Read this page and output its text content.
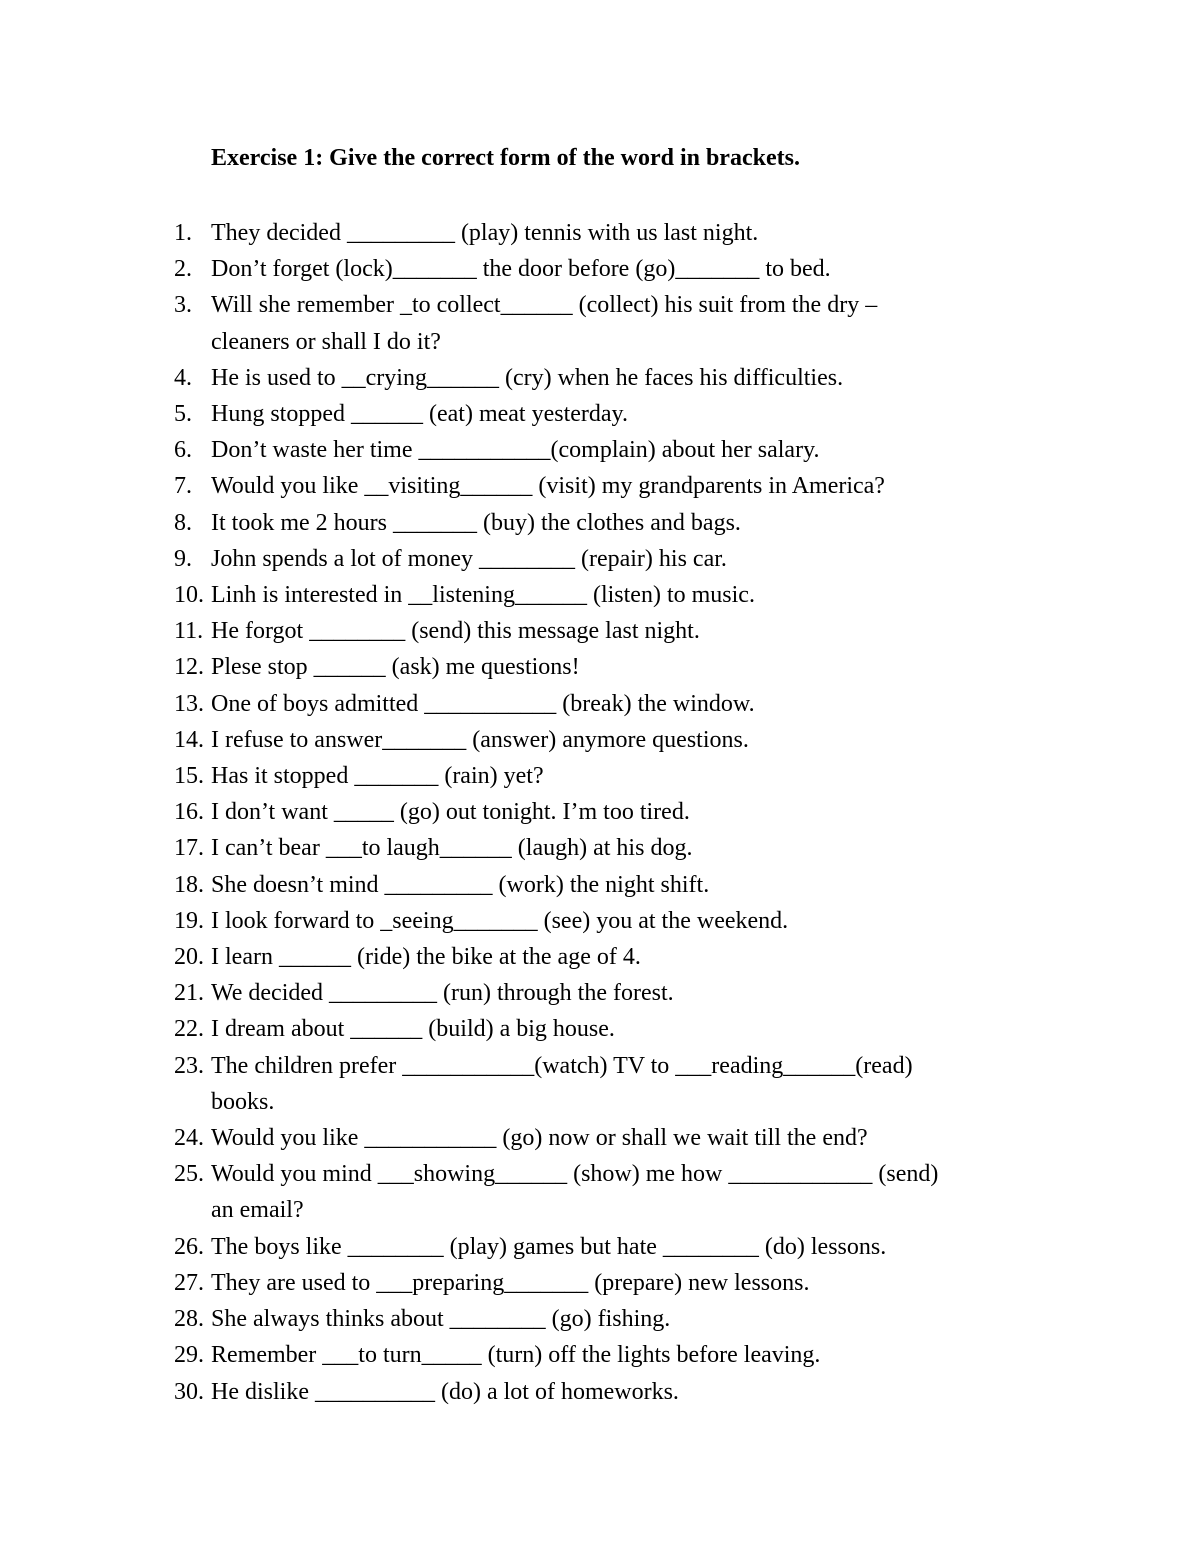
Exercise 1: Give the correct form of the word in brackets.
1. They decided _________ (play) tennis with us last night.
2. Don’t forget (lock)_______ the door before (go)_______ to bed.
3. Will she remember _to collect______ (collect) his suit from the dry –
cleaners or shall I do it?
4. He is used to __crying______ (cry) when he faces his difficulties.
5. Hung stopped ______ (eat) meat yesterday.
6. Don’t waste her time ___________(complain) about her salary.
7. Would you like __visiting______ (visit) my grandparents in America?
8. It took me 2 hours _______ (buy) the clothes and bags.
9. John spends a lot of money ________ (repair) his car.
10. Linh is interested in __listening______ (listen) to music.
11. He forgot ________ (send) this message last night.
12. Plese stop ______ (ask) me questions!
13. One of boys admitted ___________ (break) the window.
14. I refuse to answer_______ (answer) anymore questions.
15. Has it stopped _______ (rain) yet?
16. I don’t want _____ (go) out tonight. I’m too tired.
17. I can’t bear ___to laugh______ (laugh) at his dog.
18. She doesn’t mind _________ (work) the night shift.
19. I look forward to _seeing_______ (see) you at the weekend.
20. I learn ______ (ride) the bike at the age of 4.
21. We decided _________ (run) through the forest.
22. I dream about ______ (build) a big house.
23. The children prefer ___________(watch) TV to ___reading______(read)
books.
24. Would you like ___________ (go) now or shall we wait till the end?
25. Would you mind ___showing______ (show) me how ____________ (send)
an email?
26. The boys like ________ (play) games but hate ________ (do) lessons.
27. They are used to ___preparing_______ (prepare) new lessons.
28. She always thinks about ________ (go) fishing.
29. Remember ___to turn_____ (turn) off the lights before leaving.
30. He dislike __________ (do) a lot of homeworks.
